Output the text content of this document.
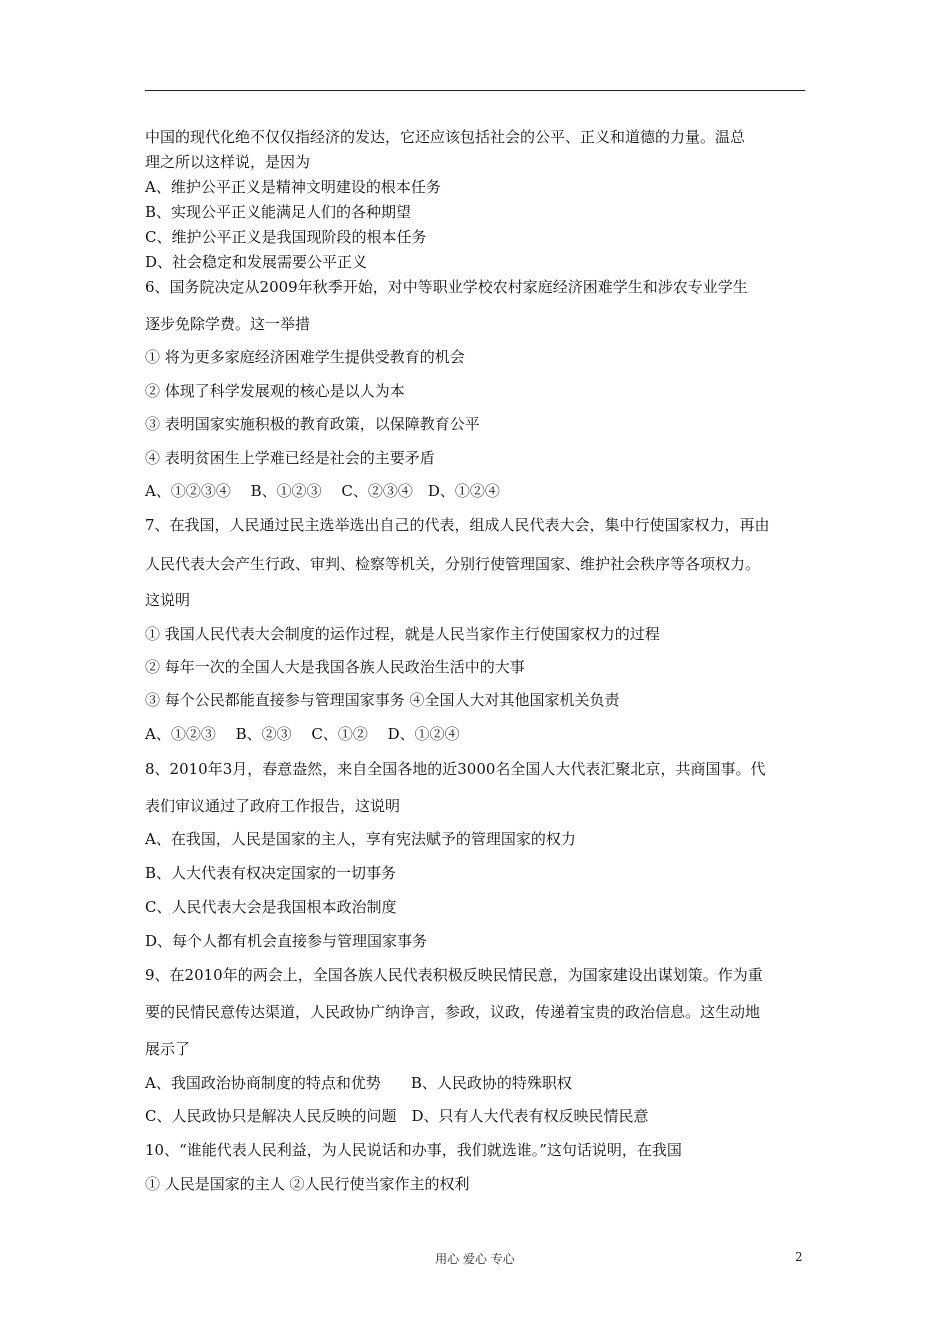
中国的现代化绝不仅仅指经济的发达，它还应该包括社会的公平、正义和道德的力量。温总
理之所以这样说，是因为
A、维护公平正义是精神文明建设的根本任务
B、实现公平正义能满足人们的各种期望
C、维护公平正义是我国现阶段的根本任务
D、社会稳定和发展需要公平正义
6、国务院决定从2009年秋季开始，对中等职业学校农村家庭经济困难学生和涉农专业学生
逐步免除学费。这一举措
① 将为更多家庭经济困难学生提供受教育的机会
② 体现了科学发展观的核心是以人为本
③ 表明国家实施积极的教育政策，以保障教育公平
④ 表明贫困生上学难已经是社会的主要矛盾
A、①②③④　 B、①②③　 C、②③④　D、①②④
7、在我国，人民通过民主选举选出自己的代表，组成人民代表大会，集中行使国家权力，再由
人民代表大会产生行政、审判、检察等机关，分别行使管理国家、维护社会秩序等各项权力。
这说明
① 我国人民代表大会制度的运作过程，就是人民当家作主行使国家权力的过程
② 每年一次的全国人大是我国各族人民政治生活中的大事
③ 每个公民都能直接参与管理国家事务 ④全国人大对其他国家机关负责
A、①②③　 B、②③　 C、①②　 D、①②④
8、2010年3月，春意盎然，来自全国各地的近3000名全国人大代表汇聚北京，共商国事。代
表们审议通过了政府工作报告，这说明
A、在我国，人民是国家的主人，享有宪法赋予的管理国家的权力
B、人大代表有权决定国家的一切事务
C、人民代表大会是我国根本政治制度
D、每个人都有机会直接参与管理国家事务
9、在2010年的两会上，全国各族人民代表积极反映民情民意，为国家建设出谋划策。作为重
要的民情民意传达渠道，人民政协广纳诤言，参政，议政，传递着宝贵的政治信息。这生动地
展示了
A、我国政治协商制度的特点和优势　　B、人民政协的特殊职权
C、人民政协只是解决人民反映的问题　D、只有人大代表有权反映民情民意
10、“谁能代表人民利益，为人民说话和办事，我们就选谁。”这句话说明，在我国
① 人民是国家的主人 ②人民行使当家作主的权利
用心 爱心 专心	2
